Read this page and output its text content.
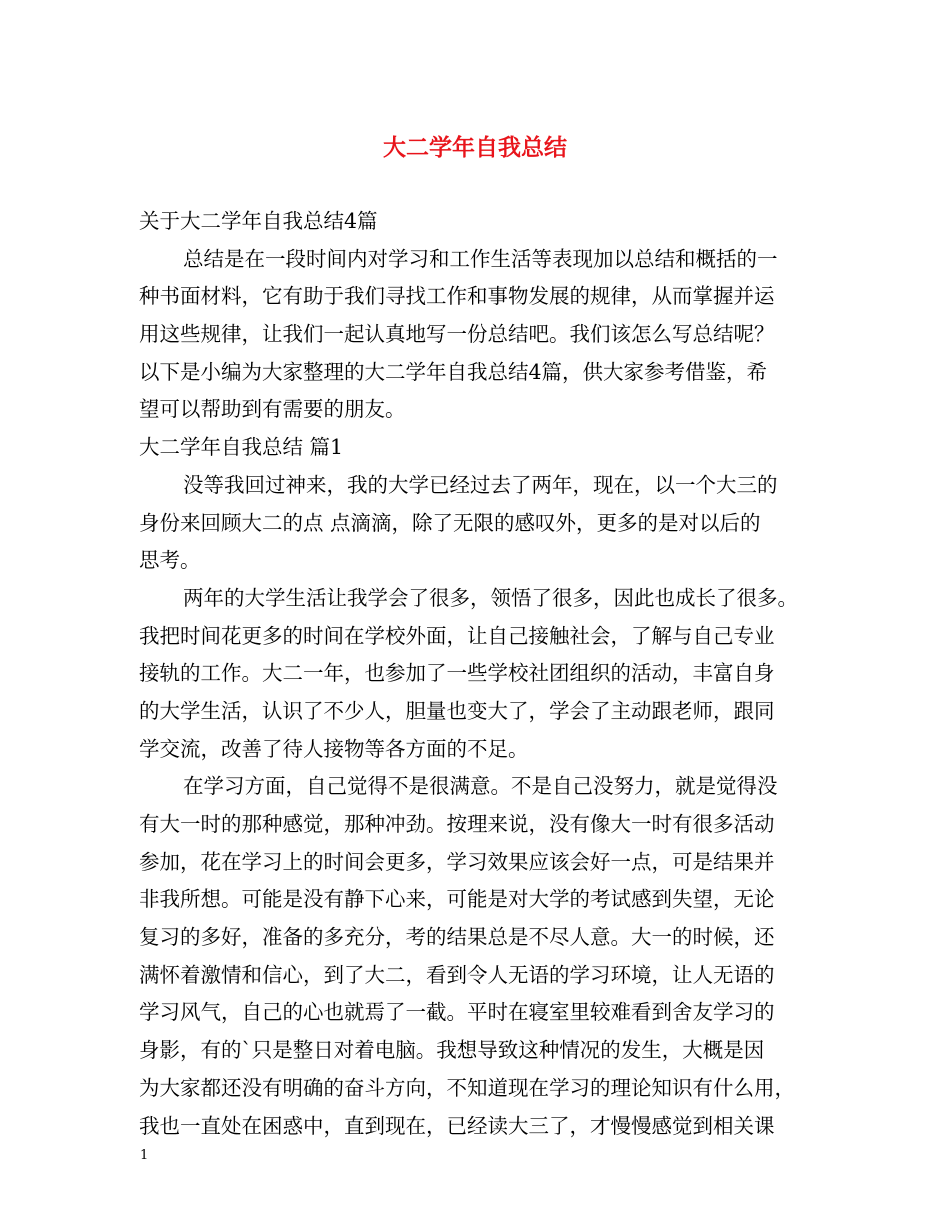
大二学年自我总结
关于大二学年自我总结4篇
总结是在一段时间内对学习和工作生活等表现加以总结和概括的一
种书面材料，它有助于我们寻找工作和事物发展的规律，从而掌握并运
用这些规律，让我们一起认真地写一份总结吧。我们该怎么写总结呢？
以下是小编为大家整理的大二学年自我总结4篇，供大家参考借鉴，希
望可以帮助到有需要的朋友。
大二学年自我总结 篇1
没等我回过神来，我的大学已经过去了两年，现在，以一个大三的
身份来回顾大二的点 点滴滴，除了无限的感叹外，更多的是对以后的
思考。
两年的大学生活让我学会了很多，领悟了很多，因此也成长了很多。
我把时间花更多的时间在学校外面，让自己接触社会，了解与自己专业
接轨的工作。大二一年，也参加了一些学校社团组织的活动，丰富自身
的大学生活，认识了不少人，胆量也变大了，学会了主动跟老师，跟同
学交流，改善了待人接物等各方面的不足。
在学习方面，自己觉得不是很满意。不是自己没努力，就是觉得没
有大一时的那种感觉，那种冲劲。按理来说，没有像大一时有很多活动
参加，花在学习上的时间会更多，学习效果应该会好一点，可是结果并
非我所想。可能是没有静下心来，可能是对大学的考试感到失望，无论
复习的多好，准备的多充分，考的结果总是不尽人意。大一的时候，还
满怀着激情和信心，到了大二，看到令人无语的学习环境，让人无语的
学习风气，自己的心也就焉了一截。平时在寝室里较难看到舍友学习的
身影，有的`只是整日对着电脑。我想导致这种情况的发生，大概是因
为大家都还没有明确的奋斗方向，不知道现在学习的理论知识有什么用，
我也一直处在困惑中，直到现在，已经读大三了，才慢慢感觉到相关课
1
